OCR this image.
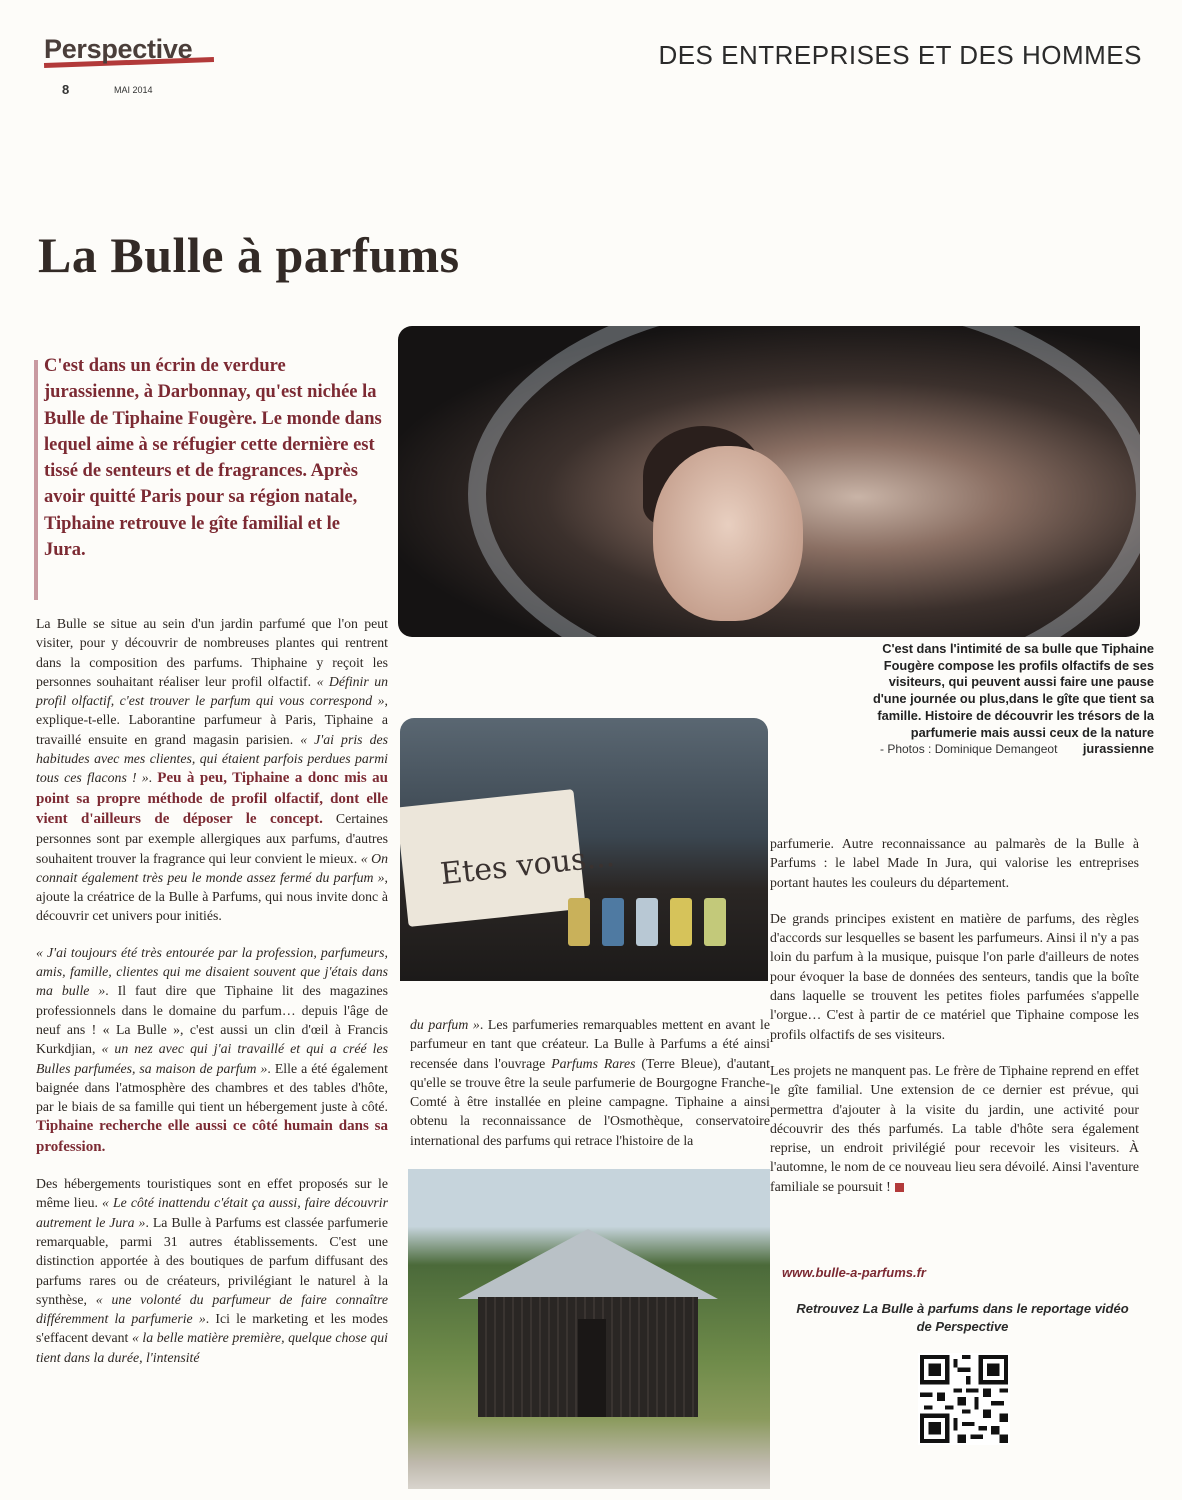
Perspective
8	MAI 2014
DES ENTREPRISES ET DES HOMMES
La Bulle à parfums
C'est dans un écrin de verdure jurassienne, à Darbonnay, qu'est nichée la Bulle de Tiphaine Fougère. Le monde dans lequel aime à se réfugier cette dernière est tissé de senteurs et de fragrances. Après avoir quitté Paris pour sa région natale, Tiphaine retrouve le gîte familial et le Jura.
C'est dans l'intimité de sa bulle que Tiphaine Fougère compose les profils olfactifs de ses visiteurs, qui peuvent aussi faire une pause d'une journée ou plus,dans le gîte que tient sa famille. Histoire de découvrir les trésors de la parfumerie mais aussi ceux de la nature jurassienne
- Photos : Dominique Demangeot
Etes vous...

La Bulle se situe au sein d'un jardin parfumé que l'on peut visiter, pour y découvrir de nombreuses plantes qui rentrent dans la composition des parfums. Thiphaine y reçoit les personnes souhaitant réaliser leur profil olfactif. « Définir un profil olfactif, c'est trouver le parfum qui vous correspond », explique-t-elle. Laborantine parfumeur à Paris, Tiphaine a travaillé ensuite en grand magasin parisien. « J'ai pris des habitudes avec mes clientes, qui étaient parfois perdues parmi tous ces flacons ! ». Peu à peu, Tiphaine a donc mis au point sa propre méthode de profil olfactif, dont elle vient d'ailleurs de déposer le concept. Certaines personnes sont par exemple allergiques aux parfums, d'autres souhaitent trouver la fragrance qui leur convient le mieux. « On connait également très peu le monde assez fermé du parfum », ajoute la créatrice de la Bulle à Parfums, qui nous invite donc à découvrir cet univers pour initiés.

« J'ai toujours été très entourée par la profession, parfumeurs, amis, famille, clientes qui me disaient souvent que j'étais dans ma bulle ». Il faut dire que Tiphaine lit des magazines professionnels dans le domaine du parfum… depuis l'âge de neuf ans ! « La Bulle », c'est aussi un clin d'œil à Francis Kurkdjian, « un nez avec qui j'ai travaillé et qui a créé les Bulles parfumées, sa maison de parfum ». Elle a été également baignée dans l'atmosphère des chambres et des tables d'hôte, par le biais de sa famille qui tient un hébergement juste à côté. Tiphaine recherche elle aussi ce côté humain dans sa profession.

Des hébergements touristiques sont en effet proposés sur le même lieu. « Le côté inattendu c'était ça aussi, faire découvrir autrement le Jura ». La Bulle à Parfums est classée parfumerie remarquable, parmi 31 autres établissements. C'est une distinction apportée à des boutiques de parfum diffusant des parfums rares ou de créateurs, privilégiant le naturel à la synthèse, « une volonté du parfumeur de faire connaître différemment la parfumerie ». Ici le marketing et les modes s'effacent devant « la belle matière première, quelque chose qui tient dans la durée, l'intensité

du parfum ». Les parfumeries remarquables mettent en avant le parfumeur en tant que créateur. La Bulle à Parfums a été ainsi recensée dans l'ouvrage Parfums Rares (Terre Bleue), d'autant qu'elle se trouve être la seule parfumerie de Bourgogne Franche-Comté à être installée en pleine campagne. Tiphaine a ainsi obtenu la reconnaissance de l'Osmothèque, conservatoire international des parfums qui retrace l'histoire de la

parfumerie. Autre reconnaissance au palmarès de la Bulle à Parfums : le label Made In Jura, qui valorise les entreprises portant hautes les couleurs du département.

De grands principes existent en matière de parfums, des règles d'accords sur lesquelles se basent les parfumeurs. Ainsi il n'y a pas loin du parfum à la musique, puisque l'on parle d'ailleurs de notes pour évoquer la base de données des senteurs, tandis que la boîte dans laquelle se trouvent les petites fioles parfumées s'appelle l'orgue… C'est à partir de ce matériel que Tiphaine compose les profils olfactifs de ses visiteurs.

Les projets ne manquent pas. Le frère de Tiphaine reprend en effet le gîte familial. Une extension de ce dernier est prévue, qui permettra d'ajouter à la visite du jardin, une activité pour découvrir des thés parfumés. La table d'hôte sera également reprise, un endroit privilégié pour recevoir les visiteurs. À l'automne, le nom de ce nouveau lieu sera dévoilé. Ainsi l'aventure familiale se poursuit !

www.bulle-a-parfums.fr
Retrouvez La Bulle à parfums dans le reportage vidéo de Perspective
